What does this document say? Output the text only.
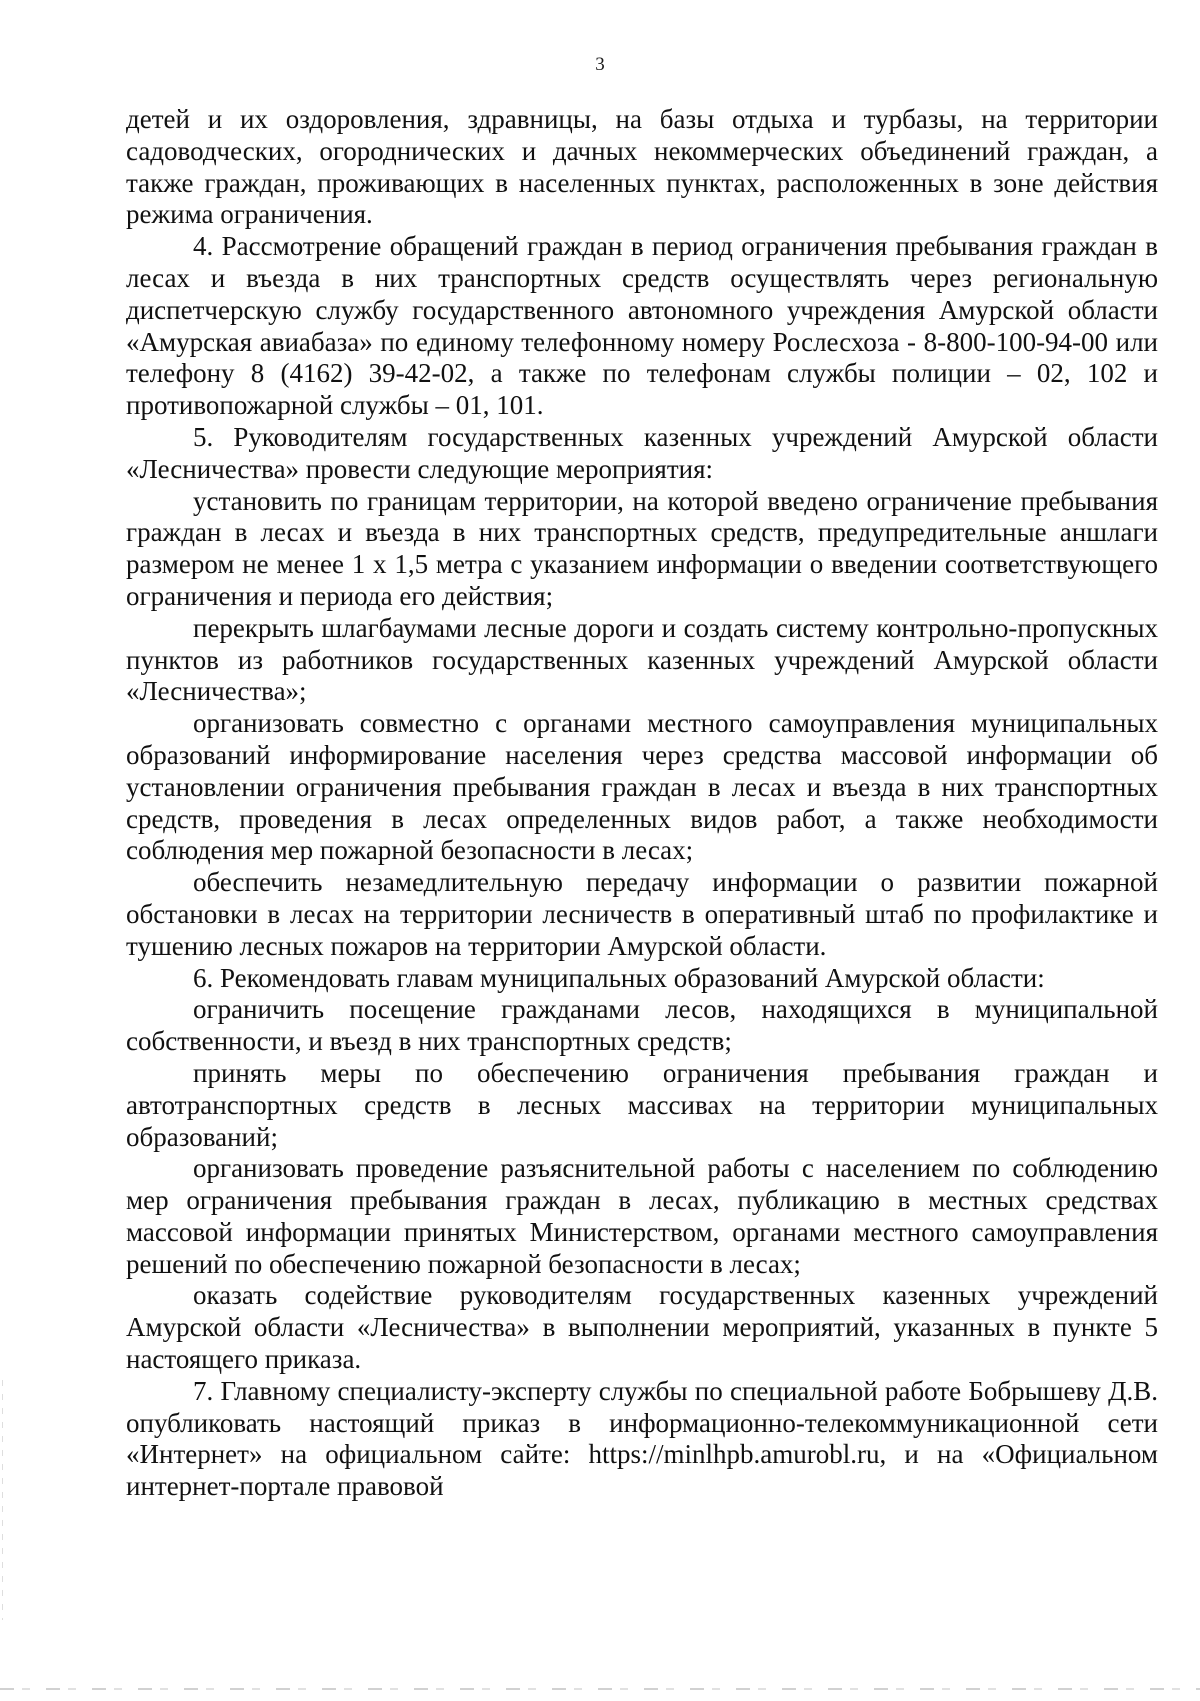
3

детей и их оздоровления, здравницы, на базы отдыха и турбазы, на территории садоводческих, огороднических и дачных некоммерческих объединений граждан, а также граждан, проживающих в населенных пунктах, расположенных в зоне действия режима ограничения.

4. Рассмотрение обращений граждан в период ограничения пребывания граждан в лесах и въезда в них транспортных средств осуществлять через региональную диспетчерскую службу государственного автономного учреждения Амурской области «Амурская авиабаза» по единому телефонному номеру Рослесхоза - 8-800-100-94-00 или телефону 8 (4162) 39-42-02, а также по телефонам службы полиции – 02, 102 и противопожарной службы – 01, 101.

5. Руководителям государственных казенных учреждений Амурской области «Лесничества» провести следующие мероприятия:

установить по границам территории, на которой введено ограничение пребывания граждан в лесах и въезда в них транспортных средств, предупредительные аншлаги размером не менее 1 х 1,5 метра с указанием информации о введении соответствующего ограничения и периода его действия;

перекрыть шлагбаумами лесные дороги и создать систему контрольно-пропускных пунктов из работников государственных казенных учреждений Амурской области «Лесничества»;

организовать совместно с органами местного самоуправления муниципальных образований информирование населения через средства массовой информации об установлении ограничения пребывания граждан в лесах и въезда в них транспортных средств, проведения в лесах определенных видов работ, а также необходимости соблюдения мер пожарной безопасности в лесах;

обеспечить незамедлительную передачу информации о развитии пожарной обстановки в лесах на территории лесничеств в оперативный штаб по профилактике и тушению лесных пожаров на территории Амурской области.

6. Рекомендовать главам муниципальных образований Амурской области:

ограничить посещение гражданами лесов, находящихся в муниципальной собственности, и въезд в них транспортных средств;

принять меры по обеспечению ограничения пребывания граждан и автотранспортных средств в лесных массивах на территории муниципальных образований;

организовать проведение разъяснительной работы с населением по соблюдению мер ограничения пребывания граждан в лесах, публикацию в местных средствах массовой информации принятых Министерством, органами местного самоуправления решений по обеспечению пожарной безопасности в лесах;

оказать содействие руководителям государственных казенных учреждений Амурской области «Лесничества» в выполнении мероприятий, указанных в пункте 5 настоящего приказа.

7. Главному специалисту-эксперту службы по специальной работе Бобрышеву Д.В. опубликовать настоящий приказ в информационно-телекоммуникационной сети «Интернет» на официальном сайте: https://minlhpb.amurobl.ru, и на «Официальном интернет-портале правовой
